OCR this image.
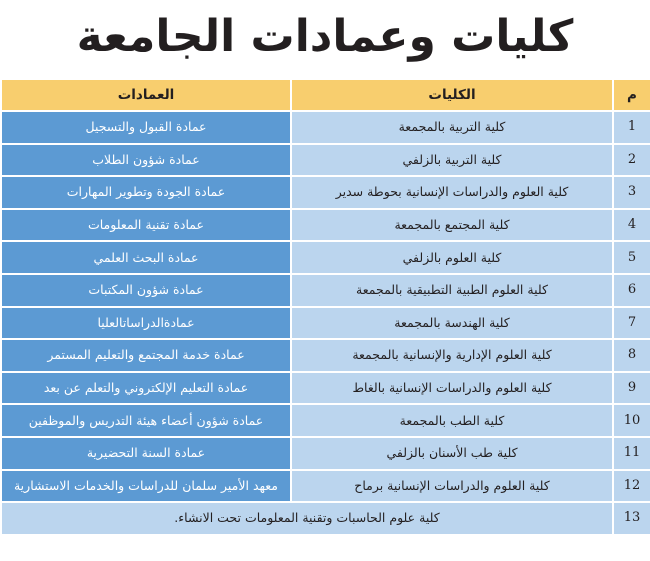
كليات وعمادات الجامعة
م	الكليات	العمادات
1	كلية التربية بالمجمعة	عمادة القبول والتسجيل
2	كلية التربية بالزلفي	عمادة شؤون الطلاب
3	كلية العلوم والدراسات الإنسانية بحوطة سدير	عمادة الجودة وتطوير المهارات
4	كلية المجتمع بالمجمعة	عمادة تقنية المعلومات
5	كلية العلوم بالزلفي	عمادة البحث العلمي
6	كلية العلوم الطبية التطبيقية بالمجمعة	عمادة شؤون المكتبات
7	كلية الهندسة بالمجمعة	عمادةالدراساتالعليا
8	كلية العلوم الإدارية والإنسانية بالمجمعة	عمادة خدمة المجتمع والتعليم المستمر
9	كلية العلوم والدراسات الإنسانية بالغاط	عمادة التعليم الإلكتروني والتعلم عن بعد
10	كلية الطب بالمجمعة	عمادة شؤون أعضاء هيئة التدريس والموظفين
11	كلية طب الأسنان بالزلفي	عمادة السنة التحضيرية
12	كلية العلوم والدراسات الإنسانية برماح	معهد الأمير سلمان للدراسات والخدمات الاستشارية
13	كلية علوم الحاسبات وتقنية المعلومات تحت الانشاء.	
